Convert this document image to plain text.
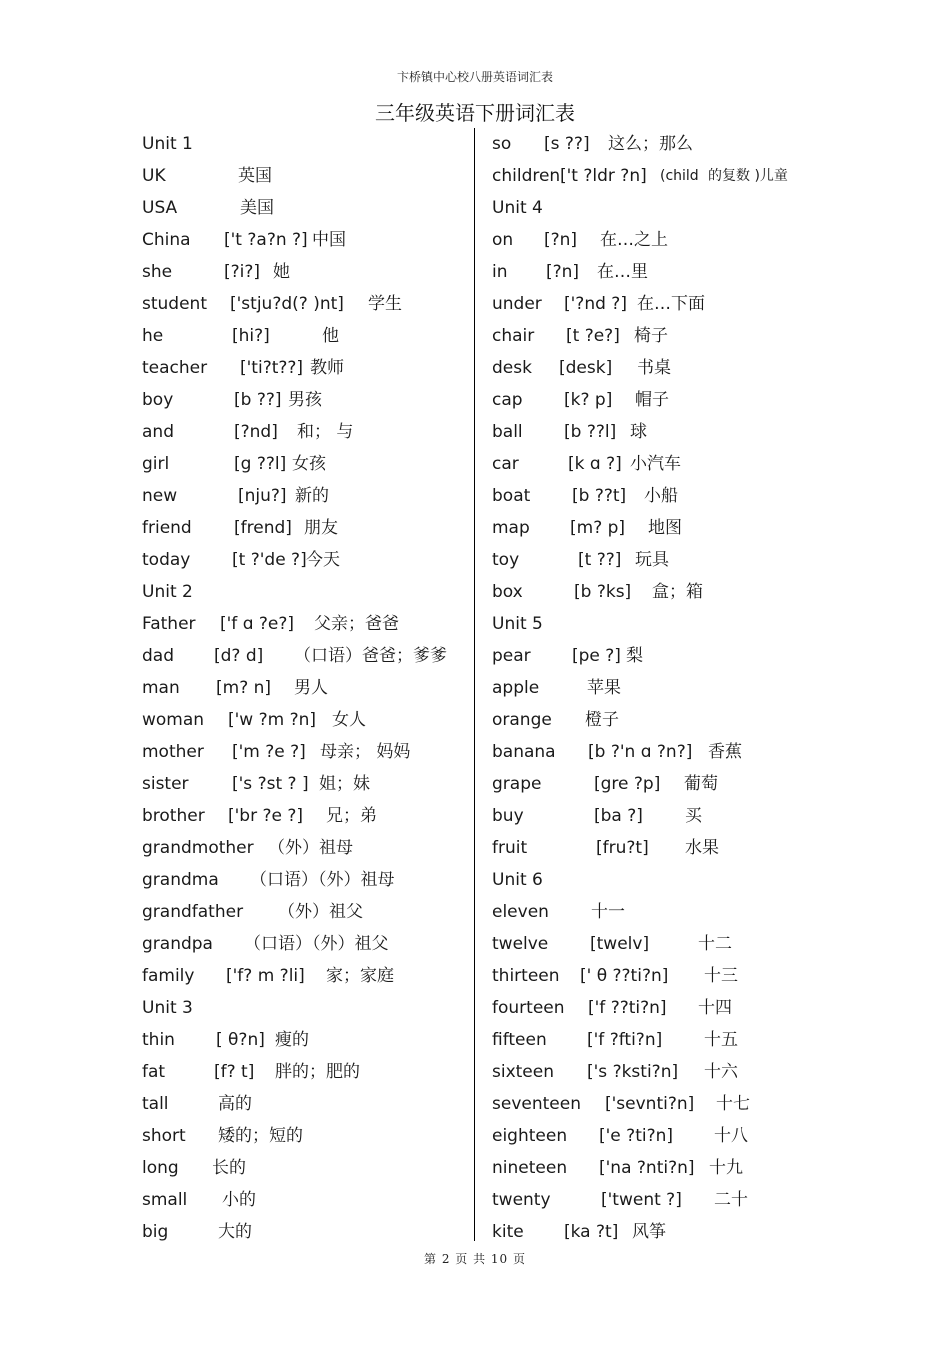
卞桥镇中心校八册英语词汇表
三年级英语下册词汇表
Unit 1
UK	英国
USA	美国
China ['t ?a?n ?] 中国
she	[?i?] 她
student ['stju?d(? )nt] 学生
he	[hi?]	他
teacher ['ti?t??] 教师
boy	[b ??] 男孩
and	[?nd] 和； 与
girl	[g ??l] 女孩
new	[nju?] 新的
friend [frend] 朋友
today [t ?'de ?] 今天
Unit 2
Father ['f ɑ ?e?] 父亲；爸爸
dad [d? d] （口语）爸爸；爹爹
man [m? n] 男人
woman ['w ?m ?n] 女人
mother ['m ?e ?] 母亲； 妈妈
sister	['s ?st ? ] 姐；妹
brother ['br ?e ?] 兄；弟
grandmother （外）祖母
grandma （口语）（外）祖母
grandfather （外）祖父
grandpa （口语）（外）祖父
family ['f? m ?li] 家；家庭
Unit 3
thin [ θ?n] 瘦的
fat	[f? t] 胖的；肥的
tall	高的
short 矮的；短的
long 长的
small 小的
big	大的
so [s ??] 这么；那么
children ['t ?ldr ?n] (child 的复数 )儿童
Unit 4
on [?n] 在…之上
in [?n] 在…里
under ['?nd ?] 在…下面
chair [t ?e?] 椅子
desk [desk] 书桌
cap [k? p] 帽子
ball [b ??l] 球
car	[k ɑ ?] 小汽车
boat [b ??t] 小船
map [m? p] 地图
toy	[t ??] 玩具
box	[b ?ks] 盒；箱
Unit 5
pear [pe ?] 梨
apple	苹果
orange 橙子
banana [b ?'n ɑ ?n?] 香蕉
grape	[gre ?p] 葡萄
buy	[ba ?] 买
fruit	[fru?t] 水果
Unit 6
eleven 十一
twelve [twelv]	十二
thirteen [' θ ??ti?n] 十三
fourteen ['f ??ti?n] 十四
fifteen ['f ?fti?n] 十五
sixteen ['s ?ksti?n] 十六
seventeen ['sevnti?n] 十七
eighteen ['e ?ti?n] 十八
nineteen ['na ?nti?n] 十九
twenty	['twent ?] 二十
kite [ka ?t] 风筝
第 2 页 共 10 页
